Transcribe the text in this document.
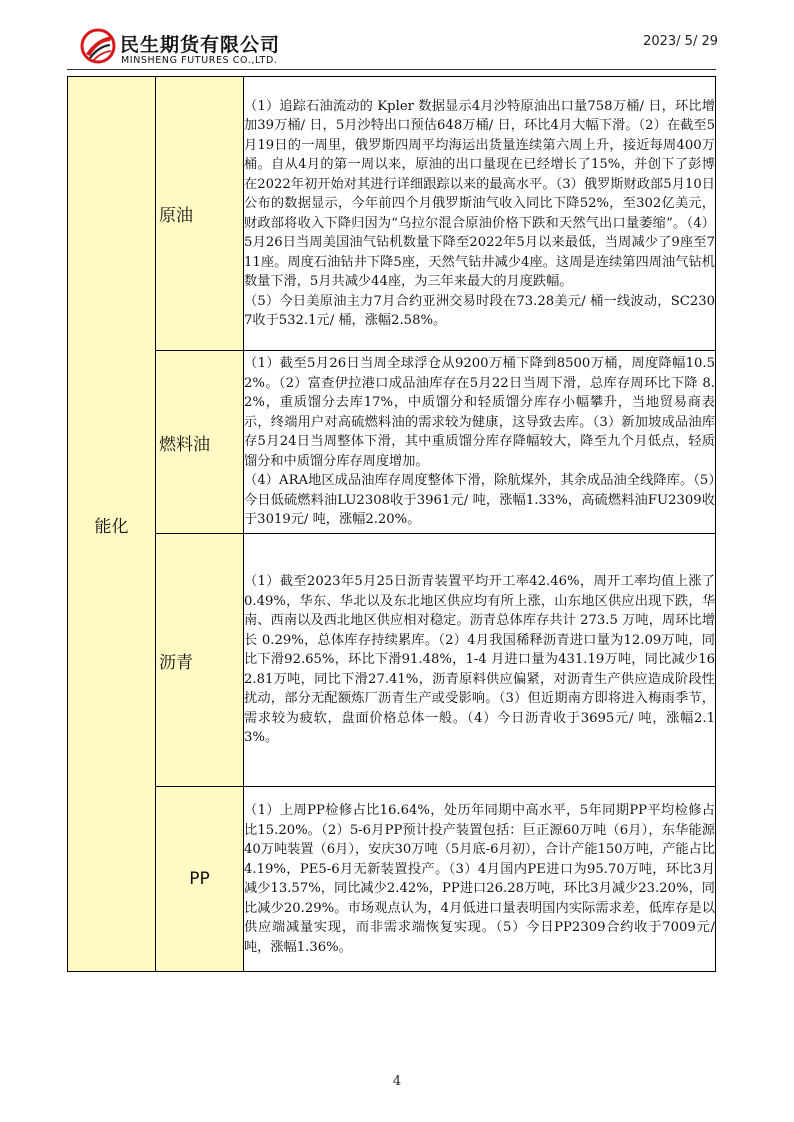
民生期货有限公司
MINSHENG FUTURES CO.,LTD.
2023/ 5/ 29
能化	原油	（1）追踪石油流动的 Kpler 数据显示4月沙特原油出口量758万桶/ 日，环比增加39万桶/ 日，5月沙特出口预估648万桶/ 日，环比4月大幅下滑。（2）在截至5月19日的一周里，俄罗斯四周平均海运出货量连续第六周上升，接近每周400万桶。自从4月的第一周以来，原油的出口量现在已经增长了15%，并创下了彭博在2022年初开始对其进行详细跟踪以来的最高水平。（3）俄罗斯财政部5月10日公布的数据显示，今年前四个月俄罗斯油气收入同比下降52%，至302亿美元，财政部将收入下降归因为“乌拉尔混合原油价格下跌和天然气出口量萎缩”。（4）5月26日当周美国油气钻机数量下降至2022年5月以来最低，当周减少了9座至711座。周度石油钻井下降5座，天然气钻井减少4座。这周是连续第四周油气钻机数量下滑，5月共减少44座，为三年来最大的月度跌幅。
（5）今日美原油主力7月合约亚洲交易时段在73.28美元/ 桶一线波动，SC2307收于532.1元/ 桶，涨幅2.58%。

	燃料油	（1）截至5月26日当周全球浮仓从9200万桶下降到8500万桶，周度降幅10.52%。（2）富查伊拉港口成品油库存在5月22日当周下滑，总库存周环比下降 8.2%，重质馏分去库17%，中质馏分和轻质馏分库存小幅攀升，当地贸易商表示，终端用户对高硫燃料油的需求较为健康，这导致去库。（3）新加坡成品油库存5月24日当周整体下滑，其中重质馏分库存降幅较大，降至九个月低点，轻质馏分和中质馏分库存周度增加。
（4）ARA地区成品油库存周度整体下滑，除航煤外，其余成品油全线降库。（5）今日低硫燃料油LU2308收于3961元/ 吨，涨幅1.33%，高硫燃料油FU2309收于3019元/ 吨，涨幅2.20%。

	沥青	（1）截至2023年5月25日沥青装置平均开工率42.46%，周开工率均值上涨了 0.49%，华东、华北以及东北地区供应均有所上涨，山东地区供应出现下跌，华南、西南以及西北地区供应相对稳定。沥青总体库存共计 273.5 万吨，周环比增长 0.29%，总体库存持续累库。（2）4月我国稀释沥青进口量为12.09万吨，同比下滑92.65%，环比下滑91.48%，1-4 月进口量为431.19万吨，同比减少162.81万吨，同比下滑27.41%，沥青原料供应偏紧，对沥青生产供应造成阶段性扰动，部分无配额炼厂沥青生产或受影响。（3）但近期南方即将进入梅雨季节，需求较为疲软，盘面价格总体一般。（4）今日沥青收于3695元/ 吨，涨幅2.13%。

	PP	（1）上周PP检修占比16.64%，处历年同期中高水平，5年同期PP平均检修占比15.20%。（2）5-6月PP预计投产装置包括：巨正源60万吨（6月），东华能源40万吨装置（6月），安庆30万吨（5月底-6月初），合计产能150万吨，产能占比4.19%，PE5-6月无新装置投产。（3）4月国内PE进口为95.70万吨，环比3月减少13.57%，同比减少2.42%，PP进口26.28万吨，环比3月减少23.20%，同比减少20.29%。市场观点认为，4月低进口量表明国内实际需求差，低库存是以供应端减量实现，而非需求端恢复实现。（5）今日PP2309合约收于7009元/ 吨，涨幅1.36%。
4
